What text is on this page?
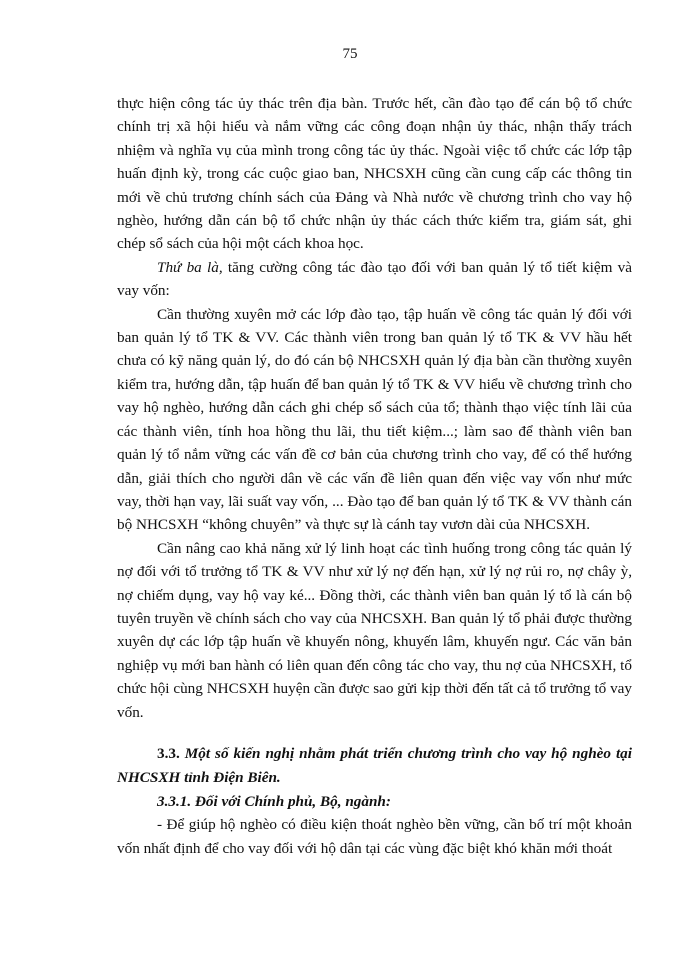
75

thực hiện công tác ủy thác trên địa bàn. Trước hết, cần đào tạo để cán bộ tổ chức chính trị xã hội hiểu và nắm vững các công đoạn nhận ủy thác, nhận thấy trách nhiệm và nghĩa vụ của mình trong công tác ủy thác. Ngoài việc tổ chức các lớp tập huấn định kỳ, trong các cuộc giao ban, NHCSXH cũng cần cung cấp các thông tin mới về chủ trương chính sách của Đảng và Nhà nước về chương trình cho vay hộ nghèo, hướng dẫn cán bộ tổ chức nhận ủy thác cách thức kiểm tra, giám sát, ghi chép sổ sách của hội một cách khoa học.

Thứ ba là, tăng cường công tác đào tạo đối với ban quản lý tổ tiết kiệm và vay vốn:

Cần thường xuyên mở các lớp đào tạo, tập huấn về công tác quản lý đối với ban quản lý tổ TK & VV. Các thành viên trong ban quản lý tổ TK & VV hầu hết chưa có kỹ năng quản lý, do đó cán bộ NHCSXH quản lý địa bàn cần thường xuyên kiểm tra, hướng dẫn, tập huấn để ban quản lý tổ TK & VV hiểu về chương trình cho vay hộ nghèo, hướng dẫn cách ghi chép sổ sách của tổ; thành thạo việc tính lãi của các thành viên, tính hoa hồng thu lãi, thu tiết kiệm...; làm sao để thành viên ban quản lý tổ nắm vững các vấn đề cơ bản của chương trình cho vay, để có thể hướng dẫn, giải thích cho người dân về các vấn đề liên quan đến việc vay vốn như mức vay, thời hạn vay, lãi suất vay vốn, ... Đào tạo để ban quản lý tổ TK & VV thành cán bộ NHCSXH “không chuyên” và thực sự là cánh tay vươn dài của NHCSXH.

Cần nâng cao khả năng xử lý linh hoạt các tình huống trong công tác quản lý nợ đối với tổ trưởng tổ TK & VV như xử lý nợ đến hạn, xử lý nợ rủi ro, nợ chây ỳ, nợ chiếm dụng, vay hộ vay ké... Đồng thời, các thành viên ban quản lý tổ là cán bộ tuyên truyền về chính sách cho vay của NHCSXH. Ban quản lý tổ phải được thường xuyên dự các lớp tập huấn về khuyến nông, khuyến lâm, khuyến ngư. Các văn bản nghiệp vụ mới ban hành có liên quan đến công tác cho vay, thu nợ của NHCSXH, tổ chức hội cùng NHCSXH huyện cần được sao gửi kịp thời đến tất cả tổ trưởng tổ vay vốn.

3.3. Một số kiến nghị nhằm phát triển chương trình cho vay hộ nghèo tại NHCSXH tỉnh Điện Biên.

3.3.1. Đối với Chính phủ, Bộ, ngành:

- Để giúp hộ nghèo có điều kiện thoát nghèo bền vững, cần bố trí một khoản vốn nhất định để cho vay đối với hộ dân tại các vùng đặc biệt khó khăn mới thoát
